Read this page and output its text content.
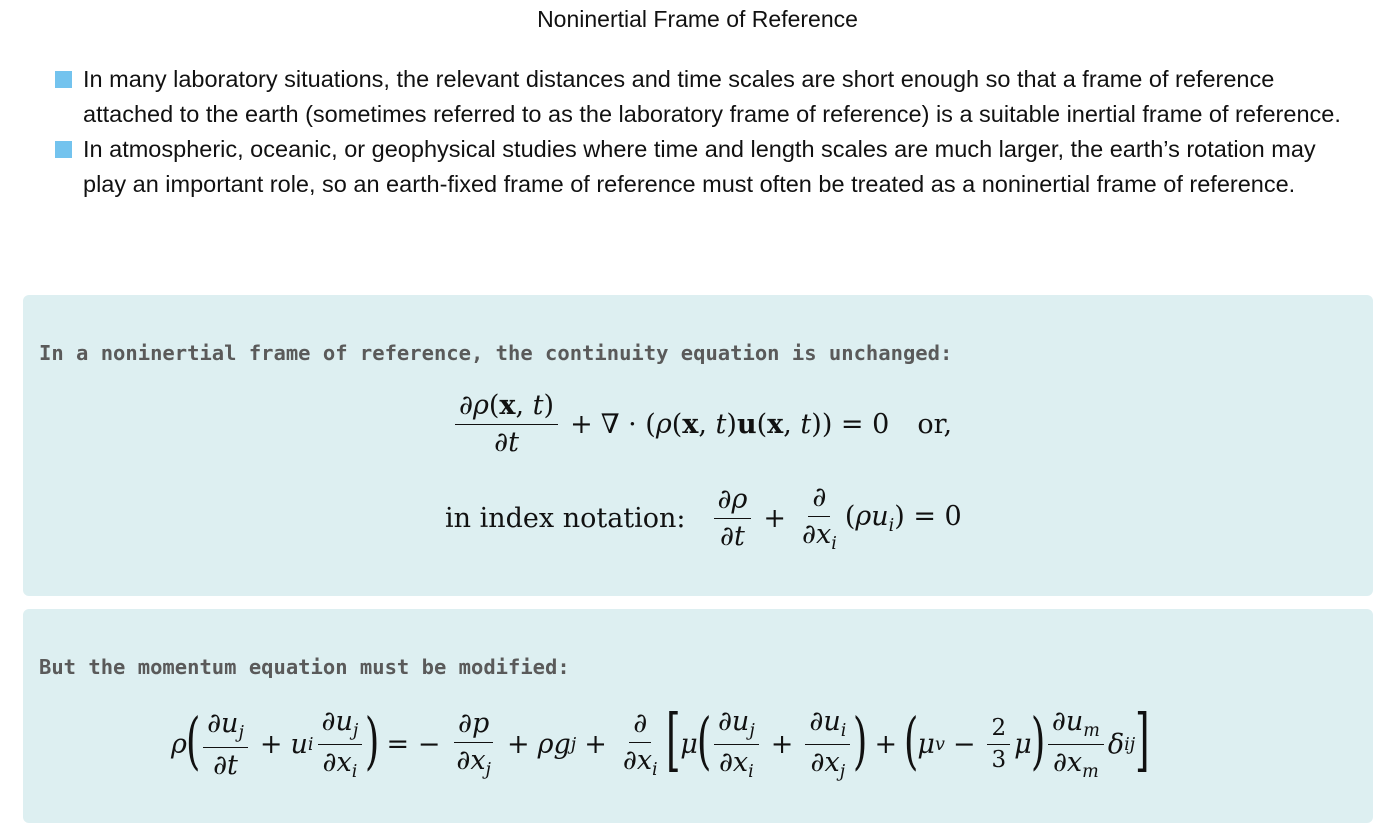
Noninertial Frame of Reference
In many laboratory situations, the relevant distances and time scales are short enough so that a frame of reference attached to the earth (sometimes referred to as the laboratory frame of reference) is a suitable inertial frame of reference.
In atmospheric, oceanic, or geophysical studies where time and length scales are much larger, the earth’s rotation may play an important role, so an earth-fixed frame of reference must often be treated as a noninertial frame of reference.
In a noninertial frame of reference, the continuity equation is unchanged:
$\frac{\partial\rho(x, t)}{\partial t}$ + ∇ · (ρ(x, t)u(x, t)) = 0 or,
in index notation: $\frac{\partial\rho}{\partial t} + \frac{\partial}{\partial x_i} (\rho u_i) = 0$
But the momentum equation must be modified:
ρ
( $\frac{\partial u_j}{\partial t} + u$ i $\frac{\partial u_j}{\partial x_i}$ ) = − $\frac{\partial p}{\partial x_j} + \rho g$ $j + \frac{\partial}{\partial x_i}$ [ μ
( $\frac{\partial u_j}{\partial x_i} + \frac{\partial u_i}{\partial x_j}$ ) + (
μ $v - \frac{2}{3}$ μ
) $\frac{\partial u_m}{\partial x_m}$ δ ij ]
